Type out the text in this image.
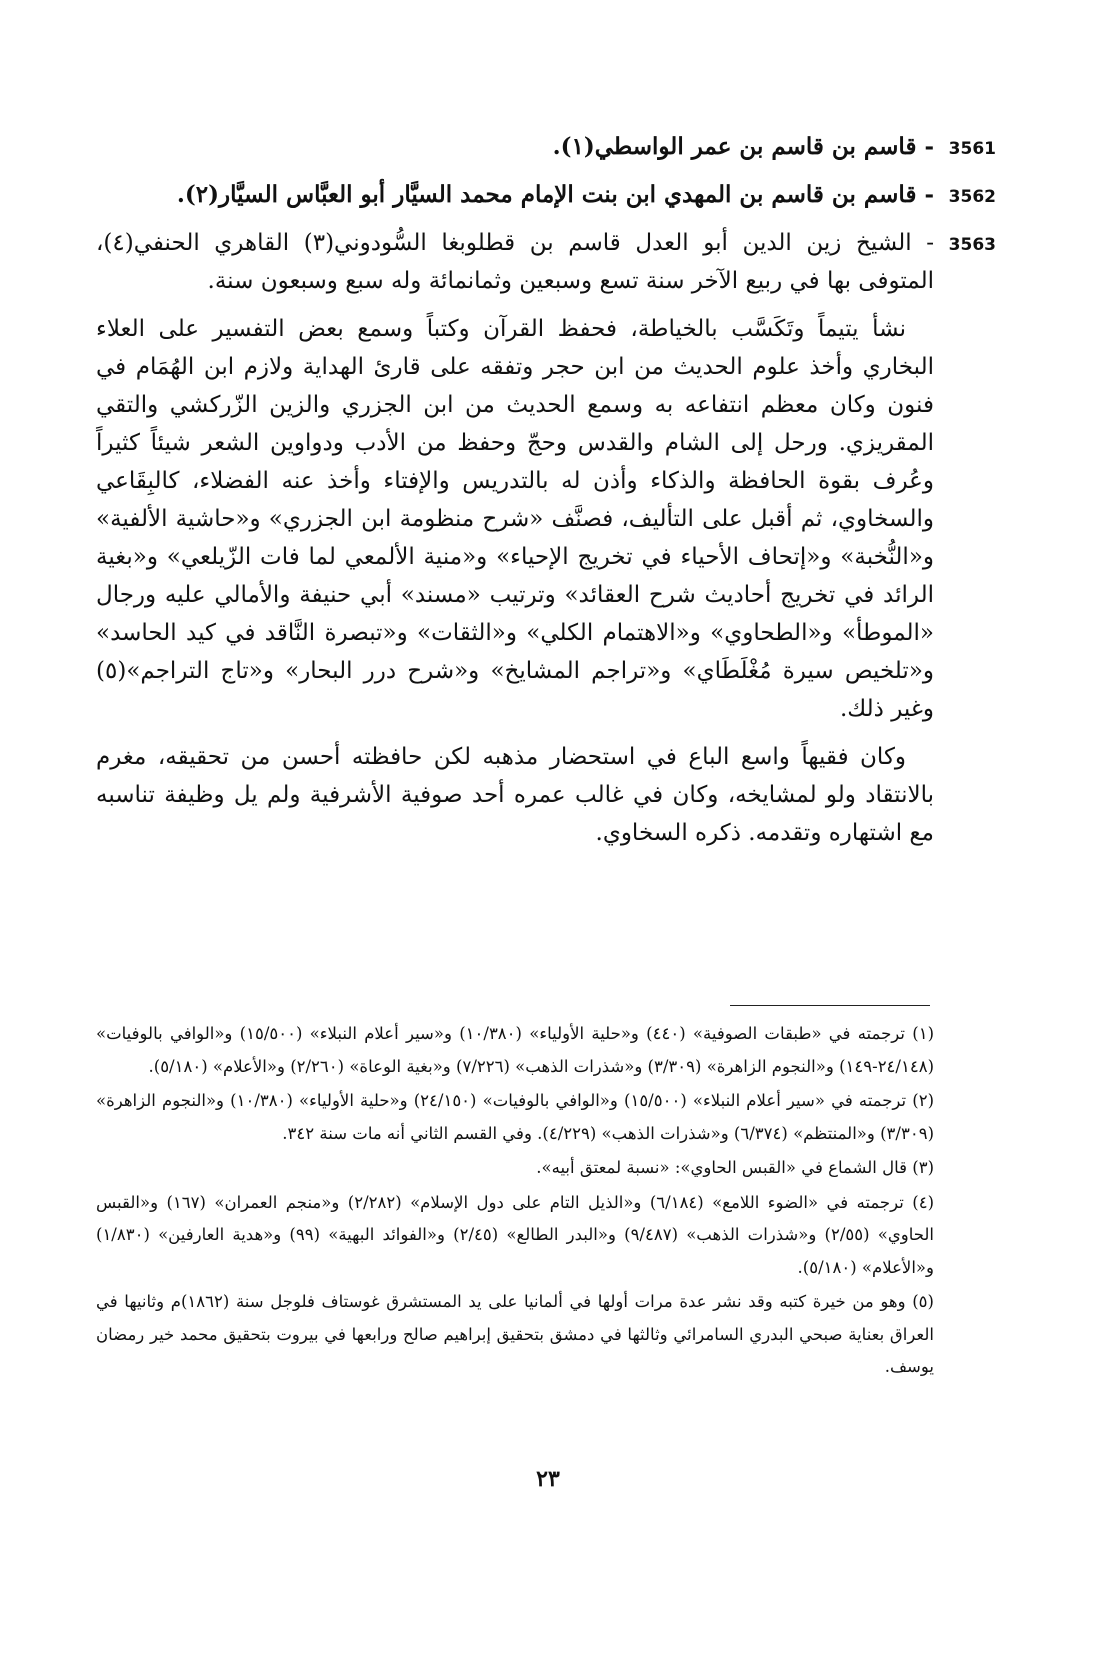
3561
- قاسم بن قاسم بن عمر الواسطي(١).

3562
- قاسم بن قاسم بن المهدي ابن بنت الإمام محمد السيَّار أبو العبَّاس السيَّار(٢).

3563
- الشيخ زين الدين أبو العدل قاسم بن قطلوبغا السُّودوني(٣) القاهري الحنفي(٤)، المتوفى بها في ربيع الآخر سنة تسع وسبعين وثمانمائة وله سبع وسبعون سنة.

نشأ يتيماً وتَكَسَّب بالخياطة، فحفظ القرآن وكتباً وسمع بعض التفسير على العلاء البخاري وأخذ علوم الحديث من ابن حجر وتفقه على قارئ الهداية ولازم ابن الهُمَام في فنون وكان معظم انتفاعه به وسمع الحديث من ابن الجزري والزين الزّركشي والتقي المقريزي. ورحل إلى الشام والقدس وحجّ وحفظ من الأدب ودواوين الشعر شيئاً كثيراً وعُرف بقوة الحافظة والذكاء وأذن له بالتدريس والإفتاء وأخذ عنه الفضلاء، كالبِقَاعي والسخاوي، ثم أقبل على التأليف، فصنَّف «شرح منظومة ابن الجزري» و«حاشية الألفية» و«النُّخبة» و«إتحاف الأحياء في تخريج الإحياء» و«منية الألمعي لما فات الزّيلعي» و«بغية الرائد في تخريج أحاديث شرح العقائد» وترتيب «مسند» أبي حنيفة والأمالي عليه ورجال «الموطأ» و«الطحاوي» و«الاهتمام الكلي» و«الثقات» و«تبصرة النَّاقد في كيد الحاسد» و«تلخيص سيرة مُغْلَطَاي» و«تراجم المشايخ» و«شرح درر البحار» و«تاج التراجم»(٥) وغير ذلك.

وكان فقيهاً واسع الباع في استحضار مذهبه لكن حافظته أحسن من تحقيقه، مغرم بالانتقاد ولو لمشايخه، وكان في غالب عمره أحد صوفية الأشرفية ولم يل وظيفة تناسبه مع اشتهاره وتقدمه. ذكره السخاوي.

(١) ترجمته في «طبقات الصوفية» (٤٤٠) و«حلية الأولياء» (١٠/٣٨٠) و«سير أعلام النبلاء» (١٥/٥٠٠) و«الوافي بالوفيات» (٢٤/١٤٨-١٤٩) و«النجوم الزاهرة» (٣/٣٠٩) و«شذرات الذهب» (٧/٢٢٦) و«بغية الوعاة» (٢/٢٦٠) و«الأعلام» (٥/١٨٠).

(٢) ترجمته في «سير أعلام النبلاء» (١٥/٥٠٠) و«الوافي بالوفيات» (٢٤/١٥٠) و«حلية الأولياء» (١٠/٣٨٠) و«النجوم الزاهرة» (٣/٣٠٩) و«المنتظم» (٦/٣٧٤) و«شذرات الذهب» (٤/٢٢٩). وفي القسم الثاني أنه مات سنة ٣٤٢.

(٣) قال الشماع في «القبس الحاوي»: «نسبة لمعتق أبيه».

(٤) ترجمته في «الضوء اللامع» (٦/١٨٤) و«الذيل التام على دول الإسلام» (٢/٢٨٢) و«منجم العمران» (١٦٧) و«القبس الحاوي» (٢/٥٥) و«شذرات الذهب» (٩/٤٨٧) و«البدر الطالع» (٢/٤٥) و«الفوائد البهية» (٩٩) و«هدية العارفين» (١/٨٣٠) و«الأعلام» (٥/١٨٠).

(٥) وهو من خيرة كتبه وقد نشر عدة مرات أولها في ألمانيا على يد المستشرق غوستاف فلوجل سنة (١٨٦٢)م وثانيها في العراق بعناية صبحي البدري السامرائي وثالثها في دمشق بتحقيق إبراهيم صالح ورابعها في بيروت بتحقيق محمد خير رمضان يوسف.

٢٣
